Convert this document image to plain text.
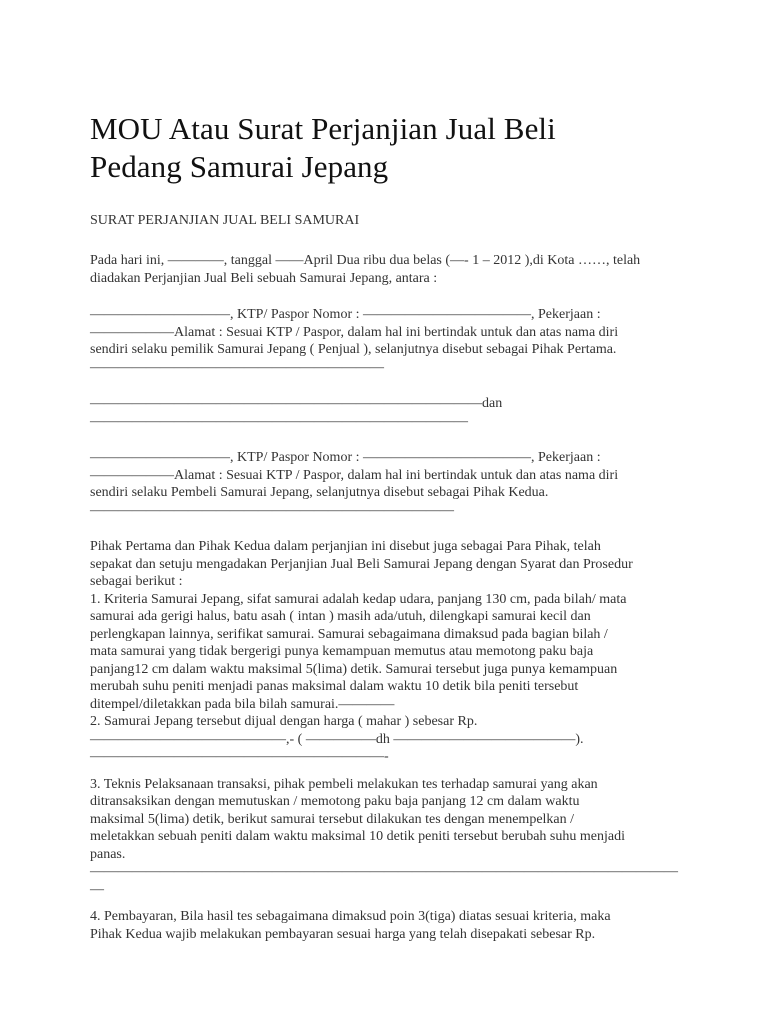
MOU Atau Surat Perjanjian Jual Beli
Pedang Samurai Jepang
SURAT PERJANJIAN JUAL BELI SAMURAI
Pada hari ini, ————, tanggal ——April Dua ribu dua belas (—- 1 – 2012 ),di Kota ……, telah
diadakan Perjanjian Jual Beli sebuah Samurai Jepang, antara :
——————————, KTP/ Paspor Nomor : ————————————, Pekerjaan :
——————Alamat : Sesuai KTP / Paspor, dalam hal ini bertindak untuk dan atas nama diri
sendiri selaku pemilik Samurai Jepang ( Penjual ), selanjutnya disebut sebagai Pihak Pertama.
—————————————————————
————————————————————————————dan
———————————————————————————
——————————, KTP/ Paspor Nomor : ————————————, Pekerjaan :
——————Alamat : Sesuai KTP / Paspor, dalam hal ini bertindak untuk dan atas nama diri
sendiri selaku Pembeli Samurai Jepang, selanjutnya disebut sebagai Pihak Kedua.
——————————————————————————
Pihak Pertama dan Pihak Kedua dalam perjanjian ini disebut juga sebagai Para Pihak, telah
sepakat dan setuju mengadakan Perjanjian Jual Beli Samurai Jepang dengan Syarat dan Prosedur
sebagai berikut :
1. Kriteria Samurai Jepang, sifat samurai adalah kedap udara, panjang 130 cm, pada bilah/ mata
samurai ada gerigi halus, batu asah ( intan ) masih ada/utuh, dilengkapi samurai kecil dan
perlengkapan lainnya, serifikat samurai. Samurai sebagaimana dimaksud pada bagian bilah /
mata samurai yang tidak bergerigi punya kemampuan memutus atau memotong paku baja
panjang12 cm dalam waktu maksimal 5(lima) detik. Samurai tersebut juga punya kemampuan
merubah suhu peniti menjadi panas maksimal dalam waktu 10 detik bila peniti tersebut
ditempel/diletakkan pada bila bilah samurai.————
2. Samurai Jepang tersebut dijual dengan harga ( mahar ) sebesar Rp.
——————————————,- ( —————dh —————————————).
—————————————————————-
3. Teknis Pelaksanaan transaksi, pihak pembeli melakukan tes terhadap samurai yang akan
ditransaksikan dengan memutuskan / memotong paku baja panjang 12 cm dalam waktu
maksimal 5(lima) detik, berikut samurai tersebut dilakukan tes dengan menempelkan /
meletakkan sebuah peniti dalam waktu maksimal 10 detik peniti tersebut berubah suhu menjadi
panas.
——————————————————————————————————————————
—
4. Pembayaran, Bila hasil tes sebagaimana dimaksud poin 3(tiga) diatas sesuai kriteria, maka
Pihak Kedua wajib melakukan pembayaran sesuai harga yang telah disepakati sebesar Rp.
